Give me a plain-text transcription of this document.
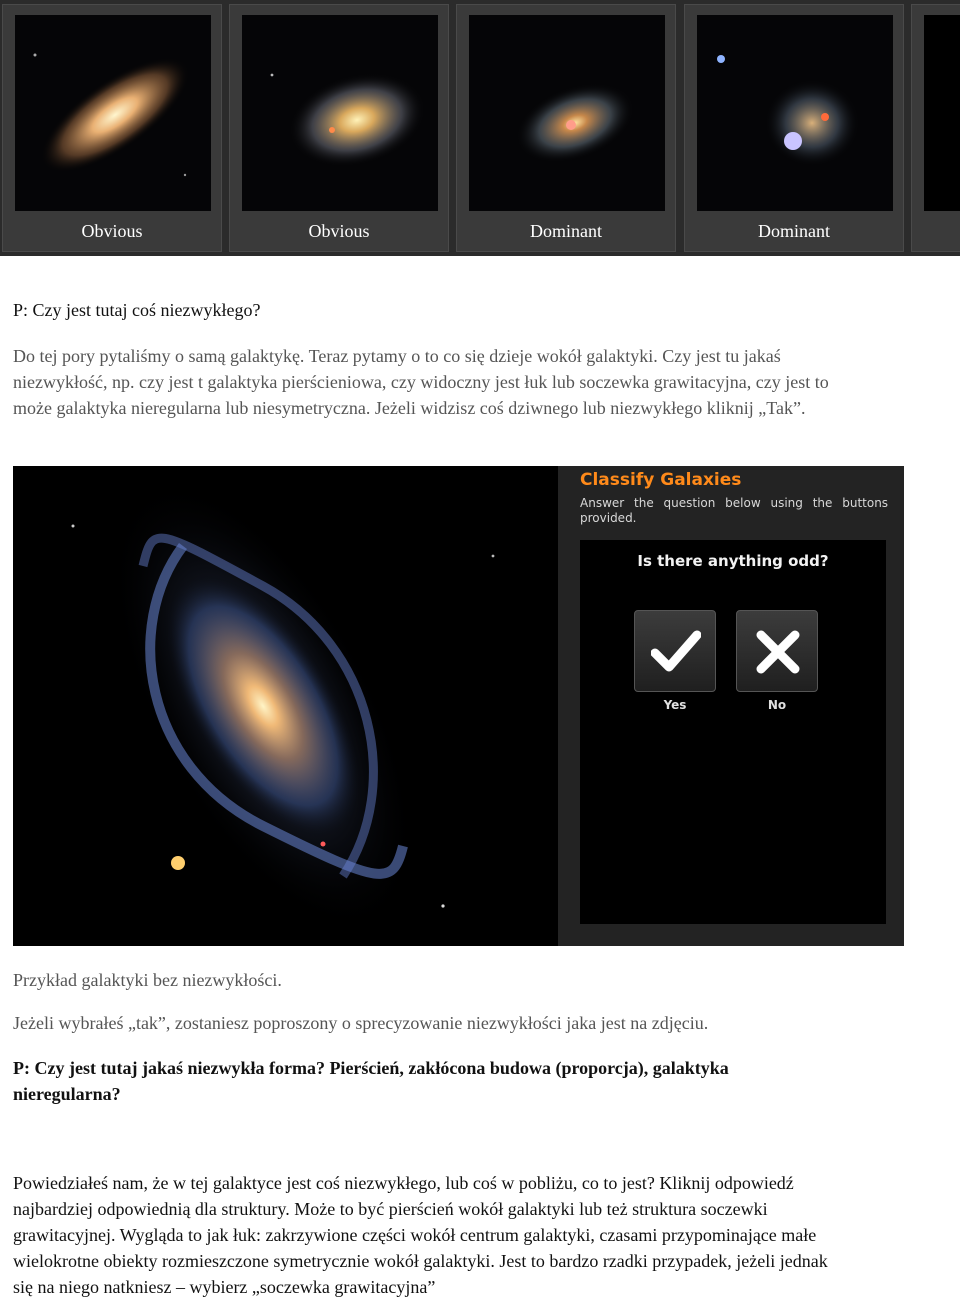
Obvious	Obvious	Dominant	Dominant
P: Czy jest tutaj coś niezwykłego?
Do tej pory pytaliśmy o samą galaktykę. Teraz pytamy o to co się dzieje wokół galaktyki. Czy jest tu jakaś niezwykłość, np. czy jest t galaktyka pierścieniowa, czy widoczny jest łuk lub soczewka grawitacyjna, czy jest to może galaktyka nieregularna lub niesymetryczna. Jeżeli widzisz coś dziwnego lub niezwykłego kliknij „Tak”.
Classify Galaxies
Answer the question below using the buttons provided.
Is there anything odd?
Yes	No
Przykład galaktyki bez niezwykłości.
Jeżeli wybrałeś „tak”, zostaniesz poproszony o sprecyzowanie niezwykłości jaka jest na zdjęciu.
P: Czy jest tutaj jakaś niezwykła forma? Pierścień, zakłócona budowa (proporcja), galaktyka nieregularna?
Powiedziałeś nam, że w tej galaktyce jest coś niezwykłego, lub coś w pobliżu, co to jest? Kliknij odpowiedź najbardziej odpowiednią dla struktury. Może to być pierścień wokół galaktyki lub też struktura soczewki grawitacyjnej. Wygląda to jak łuk: zakrzywione części wokół centrum galaktyki, czasami przypominające małe wielokrotne obiekty rozmieszczone symetrycznie wokół galaktyki. Jest to bardzo rzadki przypadek, jeżeli jednak się na niego natkniesz – wybierz „soczewka grawitacyjna”
